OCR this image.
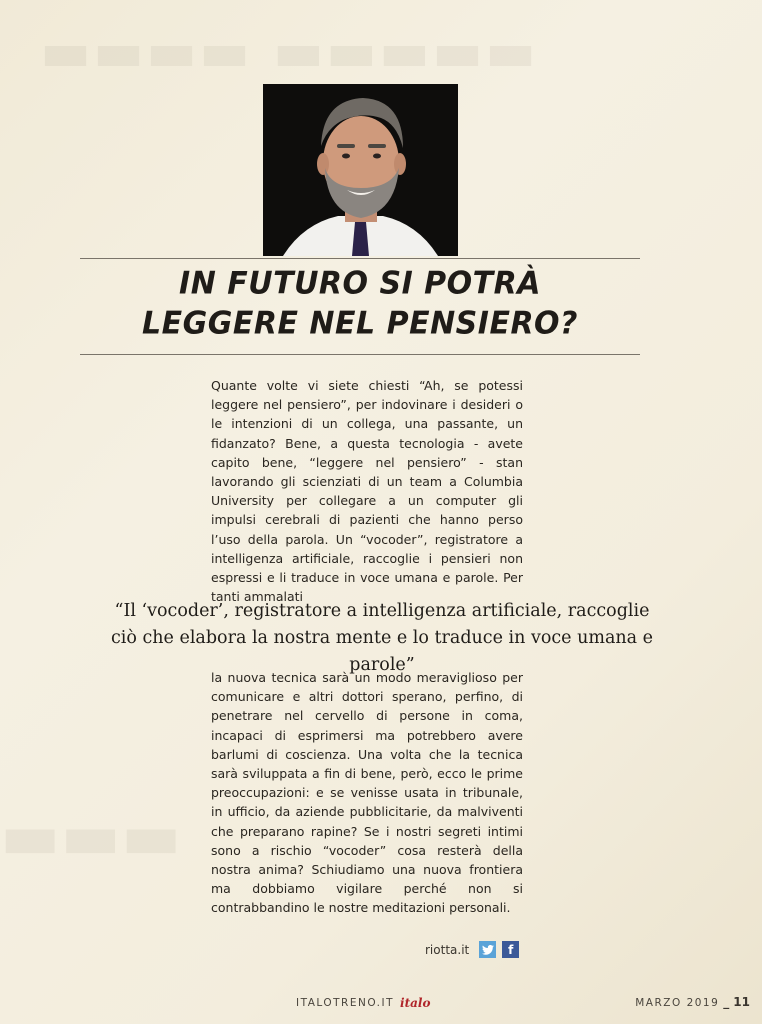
▬▬▬▬ ▬▬▬▬▬
▬▬▬
IN FUTURO SI POTRÀ
LEGGERE NEL PENSIERO?

Quante volte vi siete chiesti “Ah, se potessi leggere nel pensiero”, per indovinare i desideri o le intenzioni di un collega, una passante, un fidanzato? Bene, a questa tecnologia - avete capito bene, “leggere nel pensiero” - stan lavorando gli scienziati di un team a Columbia University per collegare a un computer gli impulsi cerebrali di pazienti che hanno perso l’uso della parola. Un “vocoder”, registratore a intelligenza artificiale, raccoglie i pensieri non espressi e li traduce in voce umana e parole. Per tanti ammalati

“Il ‘vocoder’, registratore a intelligenza artificiale, raccoglie
ciò che elabora la nostra mente e lo traduce in voce umana e parole”

la nuova tecnica sarà un modo meraviglioso per comunicare e altri dottori sperano, perfino, di penetrare nel cervello di persone in coma, incapaci di esprimersi ma potrebbero avere barlumi di coscienza. Una volta che la tecnica sarà sviluppata a fin di bene, però, ecco le prime preoccupazioni: e se venisse usata in tribunale, in ufficio, da aziende pubblicitarie, da malviventi che preparano rapine? Se i nostri segreti intimi sono a rischio “vocoder” cosa resterà della nostra anima? Schiudiamo una nuova frontiera ma dobbiamo vigilare perché non si contrabbandino le nostre meditazioni personali.

riotta.it	f
ITALOTRENO.IT italo	MARZO 2019 _ 11
